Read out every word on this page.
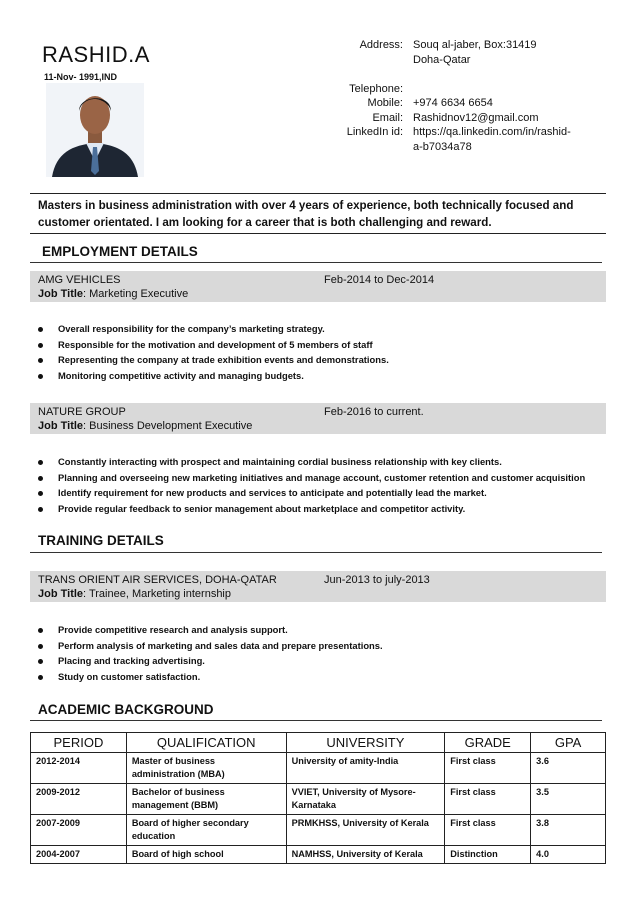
RASHID.A
11-Nov- 1991,IND
Address: Souq al-jaber, Box:31419
Doha-Qatar
Telephone:
Mobile: +974 6634 6654
Email: Rashidnov12@gmail.com
LinkedIn id: https://qa.linkedin.com/in/rashid-
a-b7034a78
Masters in business administration with over 4 years of experience, both technically focused and customer orientated. I am looking for a career that is both challenging and reward.
EMPLOYMENT DETAILS
AMG VEHICLES	Feb-2014 to Dec-2014
Job Title: Marketing Executive
Overall responsibility for the company’s marketing strategy.
Responsible for the motivation and development of 5 members of staff
Representing the company at trade exhibition events and demonstrations.
Monitoring competitive activity and managing budgets.
NATURE GROUP	Feb-2016 to current.
Job Title: Business Development Executive
Constantly interacting with prospect and maintaining cordial business relationship with key clients.
Planning and overseeing new marketing initiatives and manage account, customer retention and customer acquisition
Identify requirement for new products and services to anticipate and potentially lead the market.
Provide regular feedback to senior management about marketplace and competitor activity.
TRAINING DETAILS
TRANS ORIENT AIR SERVICES, DOHA-QATAR	Jun-2013 to july-2013
Job Title: Trainee, Marketing internship
Provide competitive research and analysis support.
Perform analysis of marketing and sales data and prepare presentations.
Placing and tracking advertising.
Study on customer satisfaction.
ACADEMIC BACKGROUND
PERIOD	QUALIFICATION	UNIVERSITY	GRADE	GPA
2012-2014	Master of business administration (MBA)	University of amity-India	First class	3.6
2009-2012	Bachelor of business management (BBM)	VVIET, University of Mysore-Karnataka	First class	3.5
2007-2009	Board of higher secondary education	PRMKHSS, University of Kerala	First class	3.8
2004-2007	Board of high school	NAMHSS, University of Kerala	Distinction	4.0
